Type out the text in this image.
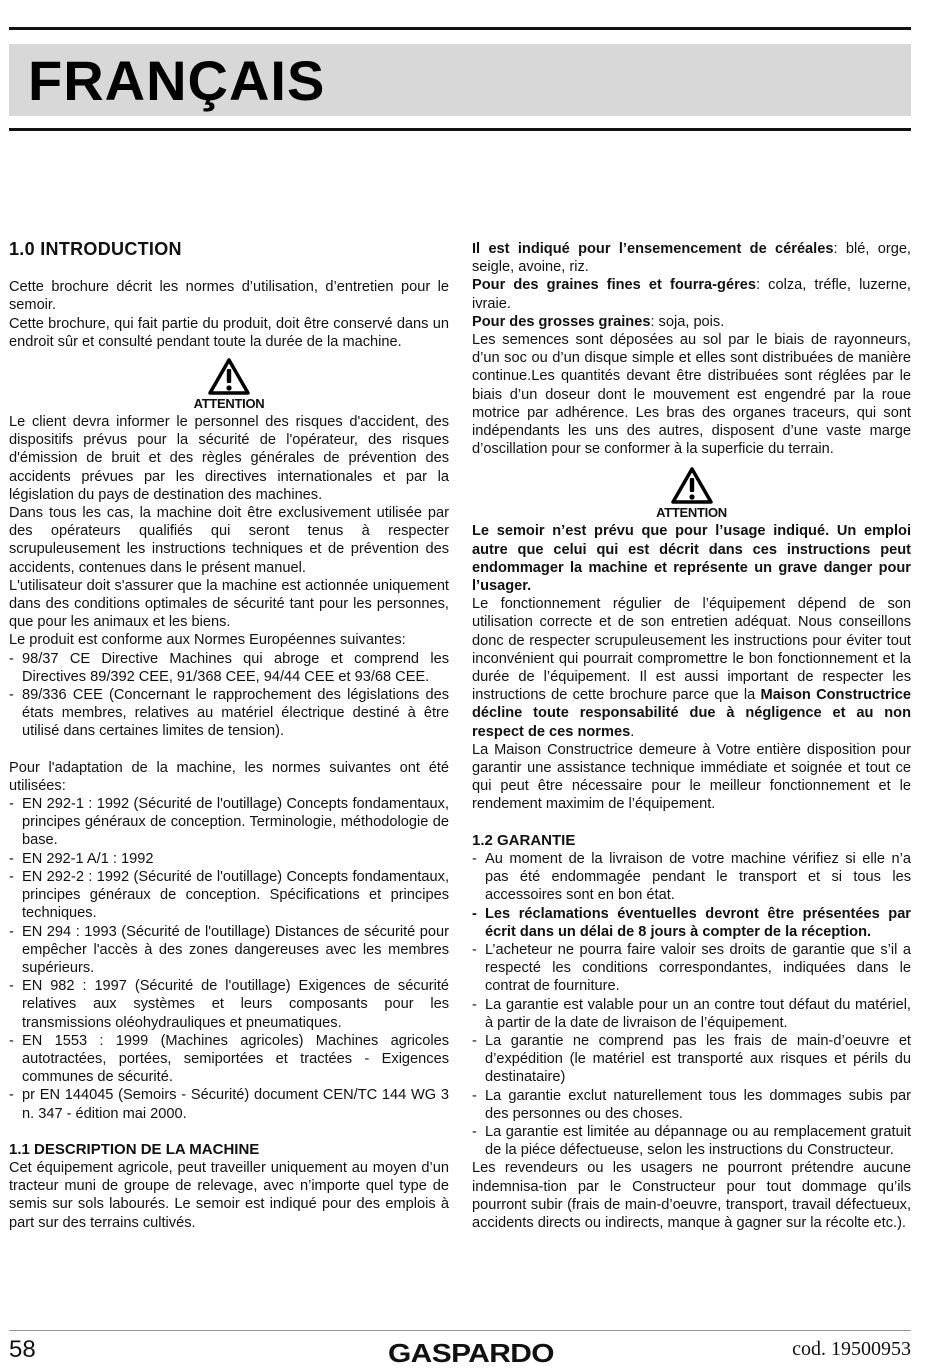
FRANÇAIS

1.0 INTRODUCTION

Cette brochure décrit les normes d’utilisation, d’entretien pour le semoir.

Cette brochure, qui fait partie du produit, doit être conservé dans un endroit sûr et consulté pendant toute la durée de la machine.

ATTENTION

Le client devra informer le personnel des risques d'accident, des dispositifs prévus pour la sécurité de l'opérateur, des risques d'émission de bruit et des règles générales de prévention des accidents prévues par les directives internationales et par la législation du pays de destination des machines.

Dans tous les cas, la machine doit être exclusivement utilisée par des opérateurs qualifiés qui seront tenus à respecter scrupuleusement les instructions techniques et de prévention des accidents, contenues dans le présent manuel.

L'utilisateur doit s'assurer que la machine est actionnée uniquement dans des conditions optimales de sécurité tant pour les personnes, que pour les animaux et les biens.

Le produit est conforme aux Normes Européennes suivantes:

- 98/37 CE Directive Machines qui abroge et comprend les Directives 89/392 CEE, 91/368 CEE, 94/44 CEE et 93/68 CEE.
- 89/336 CEE (Concernant le rapprochement des législations des états membres, relatives au matériel électrique destiné à être utilisé dans certaines limites de tension).

Pour l'adaptation de la machine, les normes suivantes ont été utilisées:

- EN 292-1 : 1992 (Sécurité de l'outillage) Concepts fondamentaux, principes généraux de conception. Terminologie, méthodologie de base.
- EN 292-1 A/1 : 1992
- EN 292-2 : 1992 (Sécurité de l'outillage) Concepts fondamentaux, principes généraux de conception. Spécifications et principes techniques.
- EN 294 : 1993 (Sécurité de l'outillage) Distances de sécurité pour empêcher l'accès à des zones dangereuses avec les membres supérieurs.
- EN 982 : 1997 (Sécurité de l'outillage) Exigences de sécurité relatives aux systèmes et leurs composants pour les transmissions oléohydrauliques et pneumatiques.
- EN 1553 : 1999 (Machines agricoles) Machines agricoles autotractées, portées, semiportées et tractées - Exigences communes de sécurité.
- pr EN 144045 (Semoirs - Sécurité) document CEN/TC 144 WG 3 n. 347 - édition mai 2000.

1.1 DESCRIPTION DE LA MACHINE

Cet équipement agricole, peut traveiller uniquement au moyen d’un tracteur muni de groupe de relevage, avec n’importe quel type de semis sur sols labourés. Le semoir est indiqué pour des emplois à part sur des terrains cultivés.

Il est indiqué pour l’ensemencement de céréales: blé, orge, seigle, avoine, riz.

Pour des graines fines et fourra-géres: colza, tréfle, luzerne, ivraie.

Pour des grosses graines: soja, pois.

Les semences sont déposées au sol par le biais de rayonneurs, d’un soc ou d’un disque simple et elles sont distribuées de manière continue.Les quantités devant être distribuées sont réglées par le biais d’un doseur dont le mouvement est engendré par la roue motrice par adhérence. Les bras des organes traceurs, qui sont indépendants les uns des autres, disposent d’une vaste marge d’oscillation pour se conformer à la superficie du terrain.

ATTENTION

Le semoir n’est prévu que pour l’usage indiqué. Un emploi autre que celui qui est décrit dans ces instructions peut endommager la machine et représente un grave danger pour l’usager.

Le fonctionnement régulier de l’équipement dépend de son utilisation correcte et de son entretien adéquat. Nous conseillons donc de respecter scrupuleusement les instructions pour éviter tout inconvénient qui pourrait compromettre le bon fonctionnement et la durée de l’équipement. Il est aussi important de respecter les instructions de cette brochure parce que la Maison Constructrice décline toute responsabilité due à négligence et au non respect de ces normes.

La Maison Constructrice demeure à Votre entière disposition pour garantir une assistance technique immédiate et soignée et tout ce qui peut être nécessaire pour le meilleur fonctionnement et le rendement maximim de l’équipement.

1.2 GARANTIE

- Au moment de la livraison de votre machine vérifiez si elle n’a pas été endommagée pendant le transport et si tous les accessoires sont en bon état.
- Les réclamations éventuelles devront être présentées par écrit dans un délai de 8 jours à compter de la réception.
- L’acheteur ne pourra faire valoir ses droits de garantie que s’il a respecté les conditions correspondantes, indiquées dans le contrat de fourniture.
- La garantie est valable pour un an contre tout défaut du matériel, à partir de la date de livraison de l’équipement.
- La garantie ne comprend pas les frais de main-d’oeuvre et d’expédition (le matériel est transporté aux risques et périls du destinataire)
- La garantie exclut naturellement tous les dommages subis par des personnes ou des choses.
- La garantie est limitée au dépannage ou au remplacement gratuit de la piéce défectueuse, selon les instructions du Constructeur.

Les revendeurs ou les usagers ne pourront prétendre aucune indemnisa-tion par le Constructeur pour tout dommage qu’ils pourront subir (frais de main-d’oeuvre, transport, travail défectueux, accidents directs ou indirects, manque à gagner sur la récolte etc.).

58	GASPARDO	cod. 19500953
